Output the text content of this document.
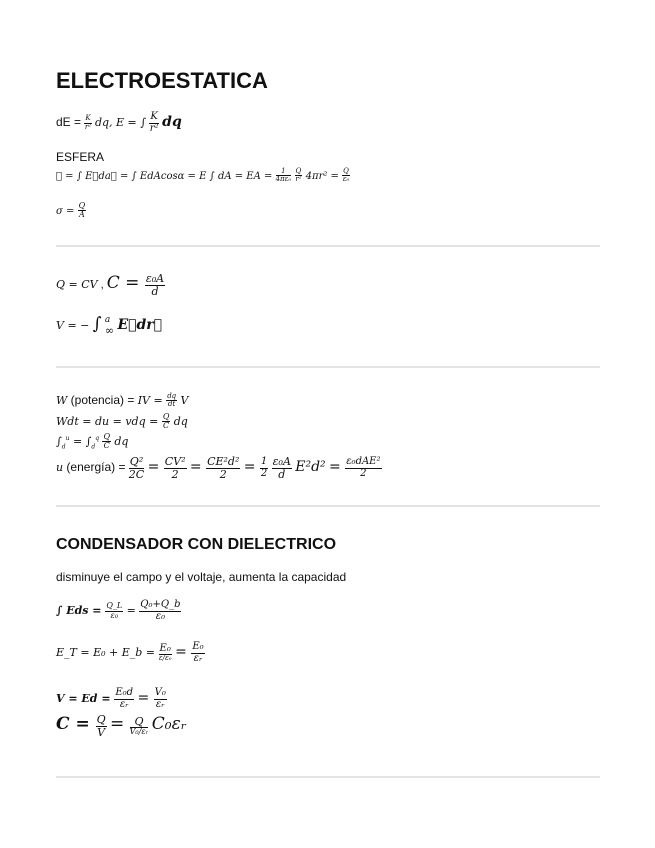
ELECTROESTATICA
dE = $\frac{K}{\text{r²}}$ dq, E = ∫ $\frac{K}{\text{r²}}$ dq
ESFERA
∅ = ∫ E⃗da⃗ = ∫ EdAcosα = E ∫ dA = EA = $\frac{1}{\text{4πε₀}}$
$\frac{Q}{\text{r²}} 4\pi r^2 = \frac{Q}{\text{ε₀}}$
$\sigma = \frac{Q}{A}$
Q = CV , $C = \frac{\text{ε₀A}}{d}$
V = − ∫ a
∞ E⃗dr⃗
W (potencia) = IV = $\frac{dq}{dt}$ V
Wdt = du = vdq = $\frac{Q}{C}$ dq
$\int_d^u = \int_d^q \frac{Q}{C}$ dq
u (energía) = $\frac{\text{Q²}}{2C} = \frac{\text{CV²}}{2} = \frac{\text{CE²d²}}{2} = \frac{1}{2}$
$\frac{\text{ε₀A}}{d} E^2d^2 = \frac{\text{ε₀dAE²}}{2}$
CONDENSADOR CON DIELECTRICO
disminuye el campo y el voltaje, aumenta la capacidad
∫ Eds = $\frac{Q\_L}{\text{ε₀}} = \frac{\text{Q₀+Q\_b}}{\text{ε₀}}$
E_T = E₀ + E_b = $\frac{\text{E₀}}{\text{ε/ε₀}} = \frac{\text{E₀}}{\text{εᵣ}}$
$V = Ed = \frac{\text{E₀d}}{\text{εᵣ}} = \frac{\text{V₀}}{\text{εᵣ}}$
$C = \frac{Q}{V} = \frac{Q}{\text{V₀/εᵣ}}$ C₀εᵣ
